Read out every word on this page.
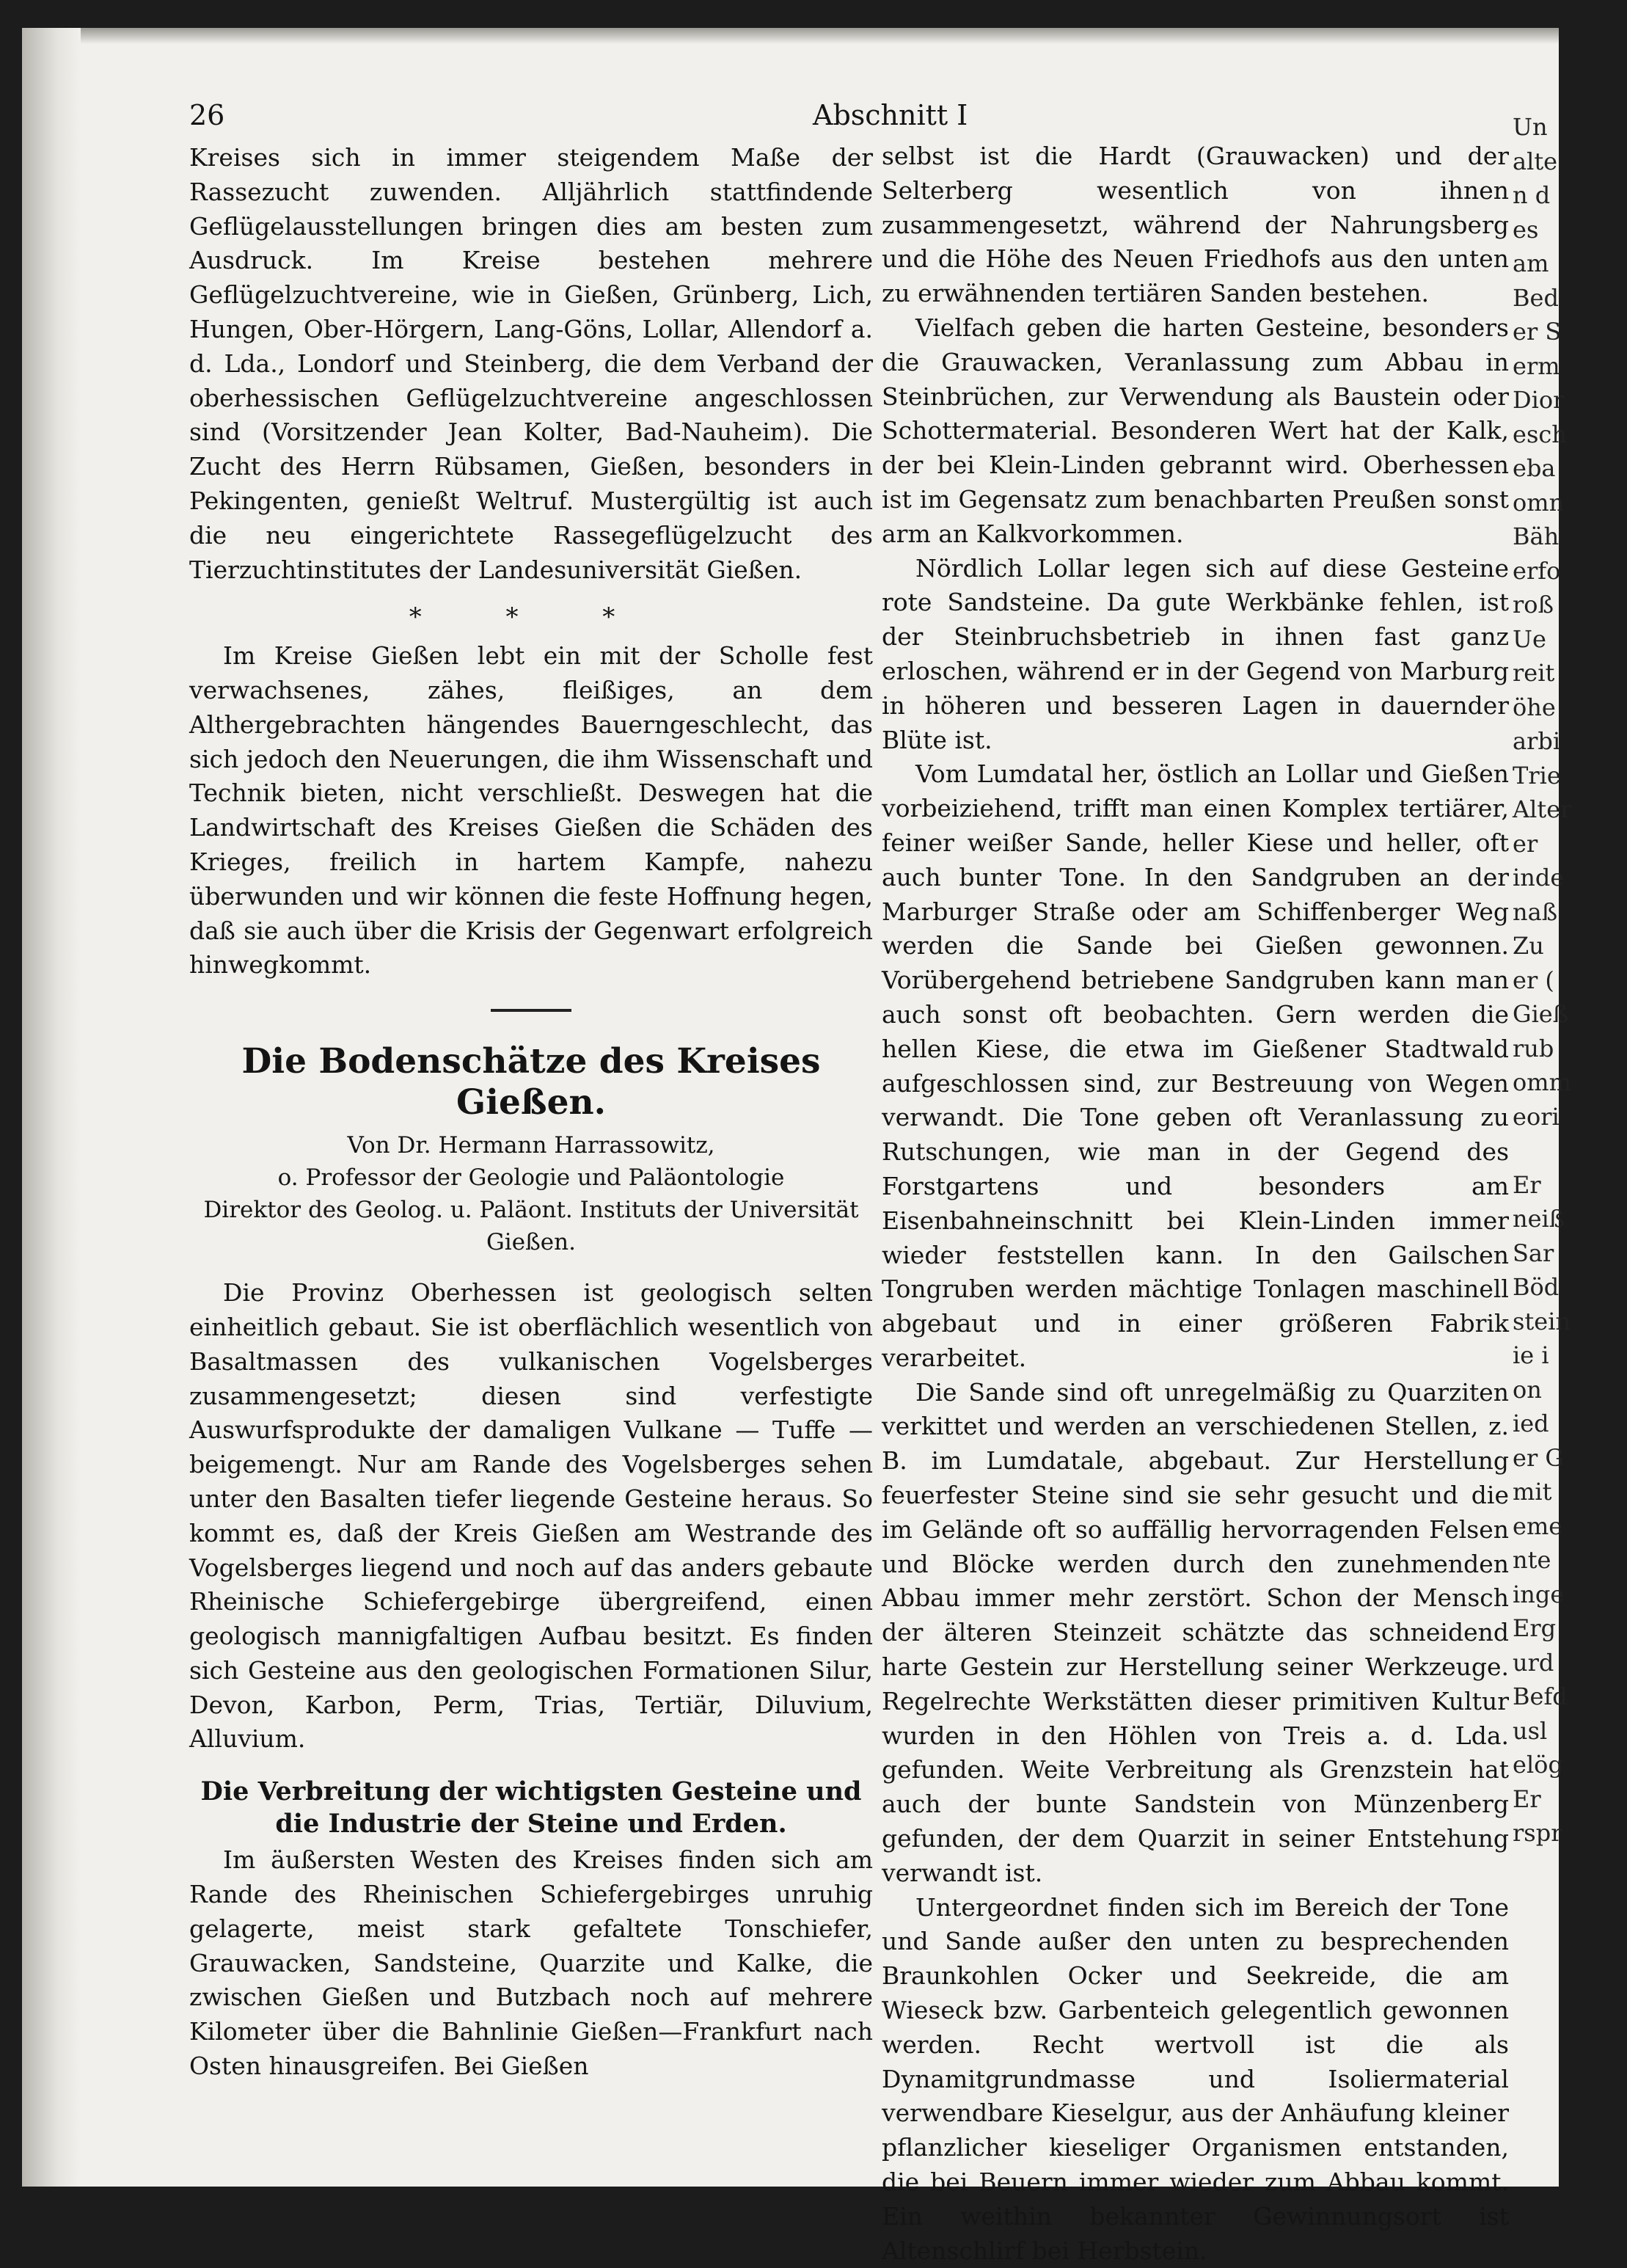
26	Abschnitt I

Kreises sich in immer steigendem Maße der Rassezucht zuwenden. Alljährlich stattfindende Geflügelausstellungen bringen dies am besten zum Ausdruck. Im Kreise bestehen mehrere Geflügelzuchtvereine, wie in Gießen, Grünberg, Lich, Hungen, Ober-Hörgern, Lang-Göns, Lollar, Allendorf a. d. Lda., Londorf und Steinberg, die dem Verband der oberhessischen Geflügelzuchtvereine angeschlossen sind (Vorsitzender Jean Kolter, Bad-Nauheim). Die Zucht des Herrn Rübsamen, Gießen, besonders in Pekingenten, genießt Weltruf. Mustergültig ist auch die neu eingerichtete Rassegeflügelzucht des Tierzuchtinstitutes der Landesuniversität Gießen.

* * *

Im Kreise Gießen lebt ein mit der Scholle fest verwachsenes, zähes, fleißiges, an dem Althergebrachten hängendes Bauerngeschlecht, das sich jedoch den Neuerungen, die ihm Wissenschaft und Technik bieten, nicht verschließt. Deswegen hat die Landwirtschaft des Kreises Gießen die Schäden des Krieges, freilich in hartem Kampfe, nahezu überwunden und wir können die feste Hoffnung hegen, daß sie auch über die Krisis der Gegenwart erfolgreich hinwegkommt.

Die Bodenschätze des Kreises Gießen.

Von Dr. Hermann Harrassowitz,

o. Professor der Geologie und Paläontologie

Direktor des Geolog. u. Paläont. Instituts der Universität Gießen.

Die Provinz Oberhessen ist geologisch selten einheitlich gebaut. Sie ist oberflächlich wesentlich von Basaltmassen des vulkanischen Vogelsberges zusammengesetzt; diesen sind verfestigte Auswurfsprodukte der damaligen Vulkane — Tuffe — beigemengt. Nur am Rande des Vogelsberges sehen unter den Basalten tiefer liegende Gesteine heraus. So kommt es, daß der Kreis Gießen am Westrande des Vogelsberges liegend und noch auf das anders gebaute Rheinische Schiefergebirge übergreifend, einen geologisch mannigfaltigen Aufbau besitzt. Es finden sich Gesteine aus den geologischen Formationen Silur, Devon, Karbon, Perm, Trias, Tertiär, Diluvium, Alluvium.

Die Verbreitung der wichtigsten Gesteine und die Industrie der Steine und Erden.

Im äußersten Westen des Kreises finden sich am Rande des Rheinischen Schiefergebirges unruhig gelagerte, meist stark gefaltete Tonschiefer, Grauwacken, Sandsteine, Quarzite und Kalke, die zwischen Gießen und Butzbach noch auf mehrere Kilometer über die Bahnlinie Gießen—Frankfurt nach Osten hinausgreifen. Bei Gießen

selbst ist die Hardt (Grauwacken) und der Selterberg wesentlich von ihnen zusammengesetzt, während der Nahrungsberg und die Höhe des Neuen Friedhofs aus den unten zu erwähnenden tertiären Sanden bestehen.

Vielfach geben die harten Gesteine, besonders die Grauwacken, Veranlassung zum Abbau in Steinbrüchen, zur Verwendung als Baustein oder Schottermaterial. Besonderen Wert hat der Kalk, der bei Klein-Linden gebrannt wird. Oberhessen ist im Gegensatz zum benachbarten Preußen sonst arm an Kalkvorkommen.

Nördlich Lollar legen sich auf diese Gesteine rote Sandsteine. Da gute Werkbänke fehlen, ist der Steinbruchsbetrieb in ihnen fast ganz erloschen, während er in der Gegend von Marburg in höheren und besseren Lagen in dauernder Blüte ist.

Vom Lumdatal her, östlich an Lollar und Gießen vorbeiziehend, trifft man einen Komplex tertiärer, feiner weißer Sande, heller Kiese und heller, oft auch bunter Tone. In den Sandgruben an der Marburger Straße oder am Schiffenberger Weg werden die Sande bei Gießen gewonnen. Vorübergehend betriebene Sandgruben kann man auch sonst oft beobachten. Gern werden die hellen Kiese, die etwa im Gießener Stadtwald aufgeschlossen sind, zur Bestreuung von Wegen verwandt. Die Tone geben oft Veranlassung zu Rutschungen, wie man in der Gegend des Forstgartens und besonders am Eisenbahneinschnitt bei Klein-Linden immer wieder feststellen kann. In den Gailschen Tongruben werden mächtige Tonlagen maschinell abgebaut und in einer größeren Fabrik verarbeitet.

Die Sande sind oft unregelmäßig zu Quarziten verkittet und werden an verschiedenen Stellen, z. B. im Lumdatale, abgebaut. Zur Herstellung feuerfester Steine sind sie sehr gesucht und die im Gelände oft so auffällig hervorragenden Felsen und Blöcke werden durch den zunehmenden Abbau immer mehr zerstört. Schon der Mensch der älteren Steinzeit schätzte das schneidend harte Gestein zur Herstellung seiner Werkzeuge. Regelrechte Werkstätten dieser primitiven Kultur wurden in den Höhlen von Treis a. d. Lda. gefunden. Weite Verbreitung als Grenzstein hat auch der bunte Sandstein von Münzenberg gefunden, der dem Quarzit in seiner Entstehung verwandt ist.

Untergeordnet finden sich im Bereich der Tone und Sande außer den unten zu besprechenden Braunkohlen Ocker und Seekreide, die am Wieseck bzw. Garbenteich gelegentlich gewonnen werden. Recht wertvoll ist die als Dynamitgrundmasse und Isoliermaterial verwendbare Kieselgur, aus der Anhäufung kleiner pflanzlicher kieseliger Organismen entstanden, die bei Beuern immer wieder zum Abbau kommt. Ein weithin bekannter Gewinnungsort ist Altenschlirf bei Herbstein.

Un
alte
n d
es
am
Bed
er S
erm
Dior
esch
eba
omn
Bäh
erfo
roß
Ue
reit
öhe
arbi
Trie
Alter
er
inde
naß
Zu
er (
Gieß
rub
omm
eori

Er
neiß
Sar
Böd
stein
ie i
on
ied
er G
mit
eme
nte
inge
Erg
urd
Befd
usl
elög
Er
rspr
